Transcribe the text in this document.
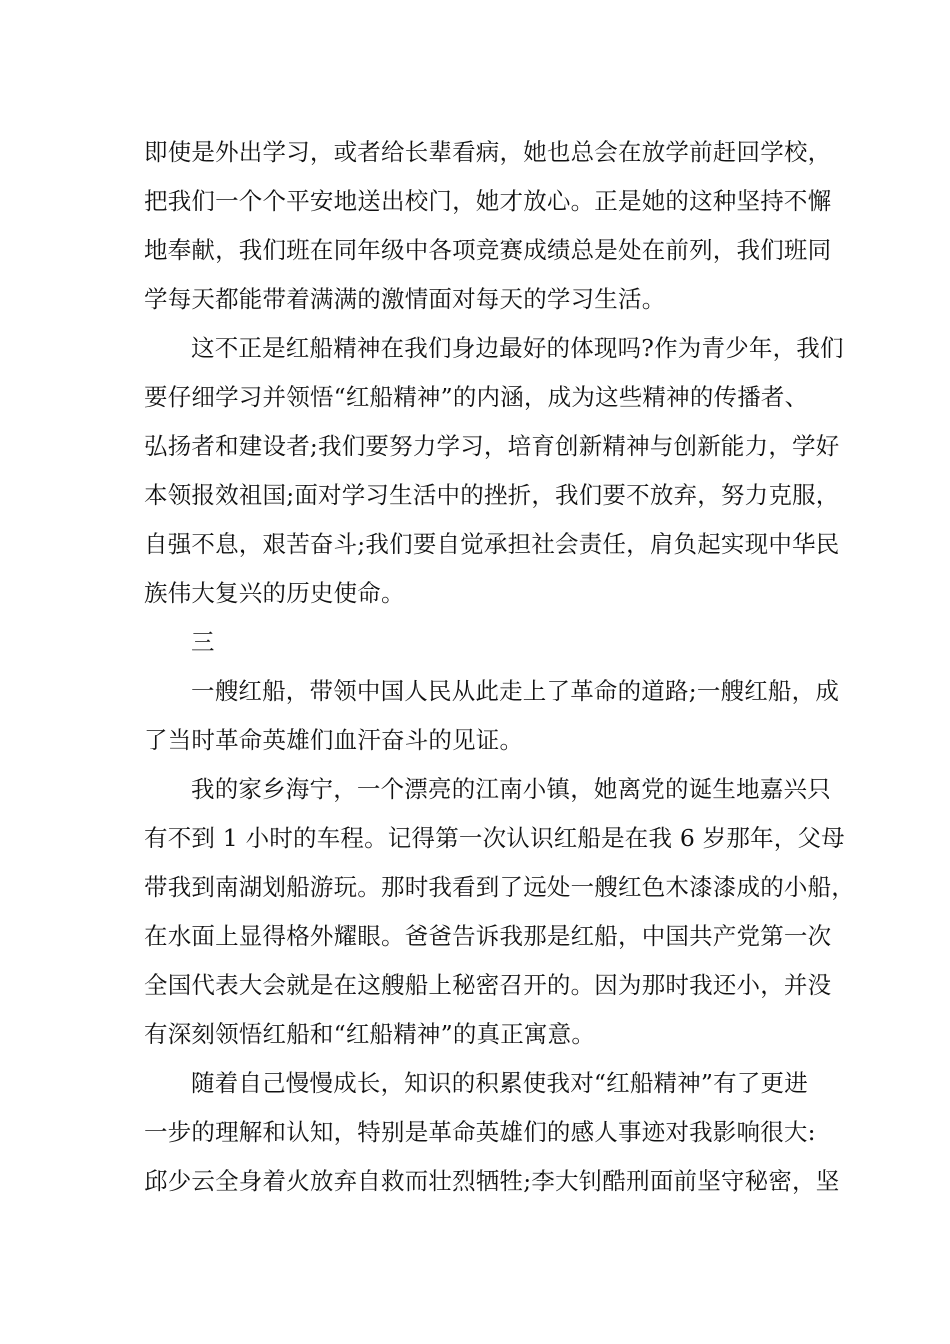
即使是外出学习，或者给长辈看病，她也总会在放学前赶回学校，
把我们一个个平安地送出校门，她才放心。正是她的这种坚持不懈
地奉献，我们班在同年级中各项竞赛成绩总是处在前列，我们班同
学每天都能带着满满的激情面对每天的学习生活。

这不正是红船精神在我们身边最好的体现吗?作为青少年，我们
要仔细学习并领悟“红船精神”的内涵，成为这些精神的传播者、
弘扬者和建设者;我们要努力学习，培育创新精神与创新能力，学好
本领报效祖国;面对学习生活中的挫折，我们要不放弃，努力克服，
自强不息，艰苦奋斗;我们要自觉承担社会责任，肩负起实现中华民
族伟大复兴的历史使命。

三

一艘红船，带领中国人民从此走上了革命的道路;一艘红船，成
了当时革命英雄们血汗奋斗的见证。

我的家乡海宁，一个漂亮的江南小镇，她离党的诞生地嘉兴只
有不到 1 小时的车程。记得第一次认识红船是在我 6 岁那年，父母
带我到南湖划船游玩。那时我看到了远处一艘红色木漆漆成的小船，
在水面上显得格外耀眼。爸爸告诉我那是红船，中国共产党第一次
全国代表大会就是在这艘船上秘密召开的。因为那时我还小，并没
有深刻领悟红船和“红船精神”的真正寓意。

随着自己慢慢成长，知识的积累使我对“红船精神”有了更进
一步的理解和认知，特别是革命英雄们的感人事迹对我影响很大:
邱少云全身着火放弃自救而壮烈牺牲;李大钊酷刑面前坚守秘密，坚
